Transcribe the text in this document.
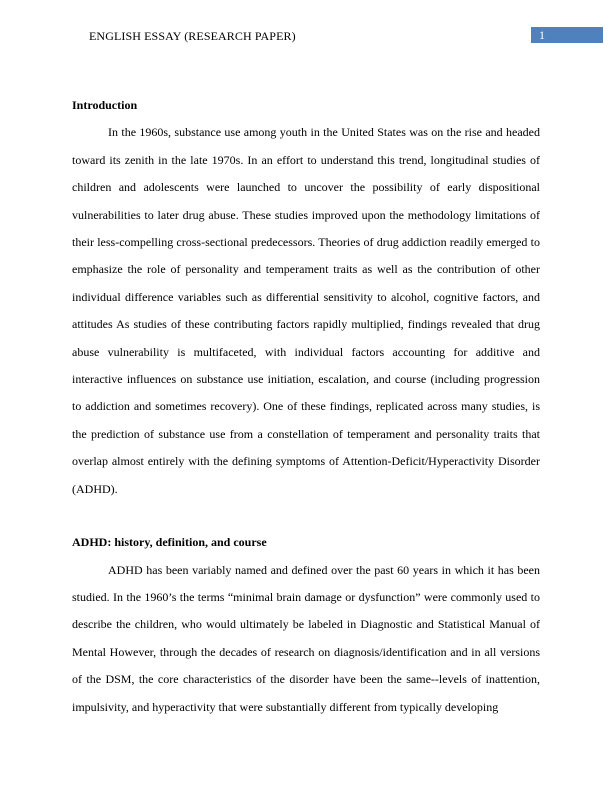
ENGLISH ESSAY (RESEARCH PAPER)	1

Introduction

In the 1960s, substance use among youth in the United States was on the rise and headed toward its zenith in the late 1970s. In an effort to understand this trend, longitudinal studies of children and adolescents were launched to uncover the possibility of early dispositional vulnerabilities to later drug abuse. These studies improved upon the methodology limitations of their less-compelling cross-sectional predecessors. Theories of drug addiction readily emerged to emphasize the role of personality and temperament traits as well as the contribution of other individual difference variables such as differential sensitivity to alcohol, cognitive factors, and attitudes As studies of these contributing factors rapidly multiplied, findings revealed that drug abuse vulnerability is multifaceted, with individual factors accounting for additive and interactive influences on substance use initiation, escalation, and course (including progression to addiction and sometimes recovery). One of these findings, replicated across many studies, is the prediction of substance use from a constellation of temperament and personality traits that overlap almost entirely with the defining symptoms of Attention-Deficit/Hyperactivity Disorder (ADHD).

ADHD: history, definition, and course

ADHD has been variably named and defined over the past 60 years in which it has been studied. In the 1960’s the terms “minimal brain damage or dysfunction” were commonly used to describe the children, who would ultimately be labeled in Diagnostic and Statistical Manual of Mental However, through the decades of research on diagnosis/identification and in all versions of the DSM, the core characteristics of the disorder have been the same--levels of inattention, impulsivity, and hyperactivity that were substantially different from typically developing
